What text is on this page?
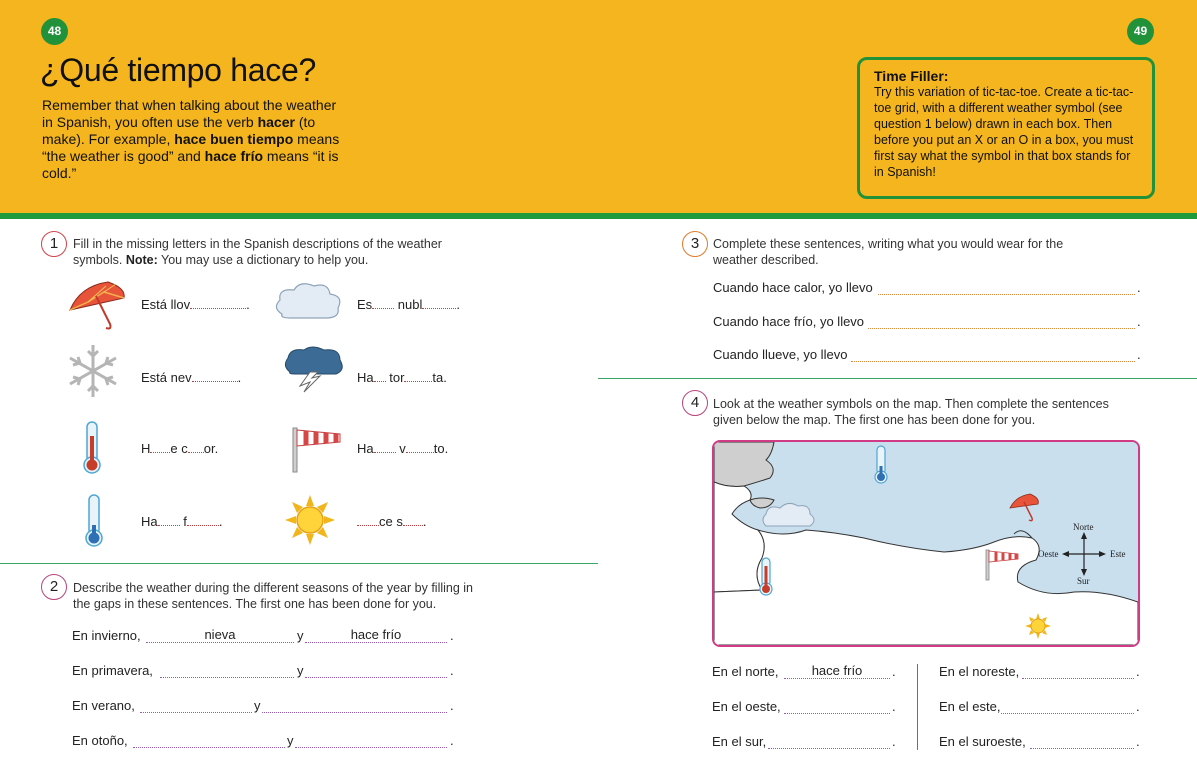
48	49
¿Qué tiempo hace?

Remember that when talking about the weather in Spanish, you often use the verb hacer (to make). For example, hace buen tiempo means “the weather is good” and hace frío means “it is cold.”

Time Filler:
Try this variation of tic-tac-toe. Create a tic-tac-toe grid, with a different weather symbol (see question 1 below) drawn in each box. Then before you put an X or an O in a box, you must first say what the symbol in that box stands for in Spanish!
1	Fill in the missing letters in the Spanish descriptions of the weather symbols. Note: You may use a dictionary to help you.
Está llov	.	Es nubl	.
Está nev	.	Ha tor ta.
H e c or.	Ha v to.
Ha f .	ce s .
2	Describe the weather during the different seasons of the year by filling in the gaps in these sentences. The first one has been done for you.
En invierno,	nieva	y	hace frío	.
En primavera,	y	.
En verano,	y	.
En otoño,	y	.
3	Complete these sentences, writing what you would wear for the weather described.
Cuando hace calor, yo llevo	.
Cuando hace frío, yo llevo	.
Cuando llueve, yo llevo	.
4	Look at the weather symbols on the map. Then complete the sentences given below the map. The first one has been done for you.
Norte
Sur
Este
Oeste
En el norte,	hace frío	.
En el oeste,	.
En el sur,	.
En el noreste,	.
En el este,	.
En el suroeste,	.
